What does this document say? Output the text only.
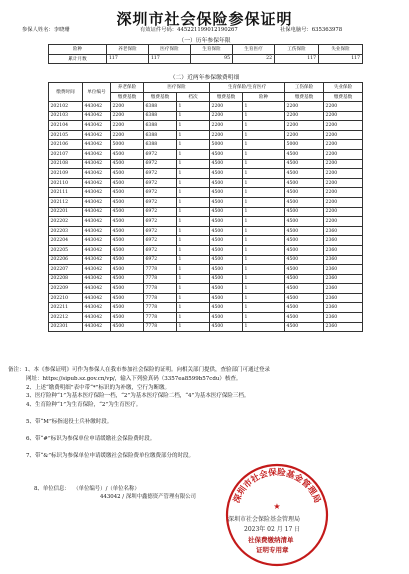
深圳市社会保险参保证明
参保人姓名：李晓珊	有效证件号码：445221199012190267	社保电脑号：635363978
（一）历年参保年限
险种	养老保险	医疗保险	生育保险	生育医疗	工伤保险	失业保险
累计月数	117	117	95	22	117	117
（二）近两年参保缴费明细
缴费时间	单位编号	养老保险	医疗保险		生育保险/生育医疗		工伤保险	失业保险
		缴费基数	缴费基数	档次	缴费基数	险种	缴费基数	缴费基数
202102	443042	2200	6388	1	2200	1	2200	2200
202103	443042	2200	6388	1	2200	1	2200	2200
202104	443042	2200	6388	1	2200	1	2200	2200
202105	443042	2200	6388	1	2200	1	2200	2200
202106	443042	5000	6388	1	5000	1	5000	2200
202107	443042	4500	6972	1	4500	1	4500	2200
202108	443042	4500	6972	1	4500	1	4500	2200
202109	443042	4500	6972	1	4500	1	4500	2200
202110	443042	4500	6972	1	4500	1	4500	2200
202111	443042	4500	6972	1	4500	1	4500	2200
202112	443042	4500	6972	1	4500	1	4500	2200
202201	443042	4500	6972	1	4500	1	4500	2200
202202	443042	4500	6972	1	4500	1	4500	2200
202203	443042	4500	6972	1	4500	1	4500	2360
202204	443042	4500	6972	1	4500	1	4500	2360
202205	443042	4500	6972	1	4500	1	4500	2360
202206	443042	4500	6972	1	4500	1	4500	2360
202207	443042	4500	7778	1	4500	1	4500	2360
202208	443042	4500	7778	1	4500	1	4500	2360
202209	443042	4500	7778	1	4500	1	4500	2360
202210	443042	4500	7778	1	4500	1	4500	2360
202211	443042	4500	7778	1	4500	1	4500	2360
202212	443042	4500	7778	1	4500	1	4500	2360
202301	443042	4500	7778	1	4500	1	4500	2360
备注：1、本《参保证明》可作为参保人在我市参加社会保险的证明。向相关部门提供，查验部门可通过登录
网址：https://sipub.sz.gov.cn/vp/，输入下列验真码（3357ea8599b57cdu）核查。
2、上述“缴费明细”表中带“*”标识的为补缴，空行为断缴。
3、医疗险种“1”为基本医疗保险一档，“2”为基本医疗保险二档，“4”为基本医疗保险三档。
4、生育险种“1”为生育保险，“2”为生育医疗。
5、带“M”标指退役士兵补缴时段。
6、带“#”标识为参保单位申请缓缴社会保险费时段。
7、带“&”标识为参保单位申请缓缴社会保险费单位缴费部分的时段。
8、单位信息： （单位编号）/（单位名称）
443042 / 深圳中鑫德资产管理有限公司	深圳市社会保险基金管理局
★
深圳市社会保险基金管理局
2023年 02 月 17 日
社保费缴纳清单
证明专用章
